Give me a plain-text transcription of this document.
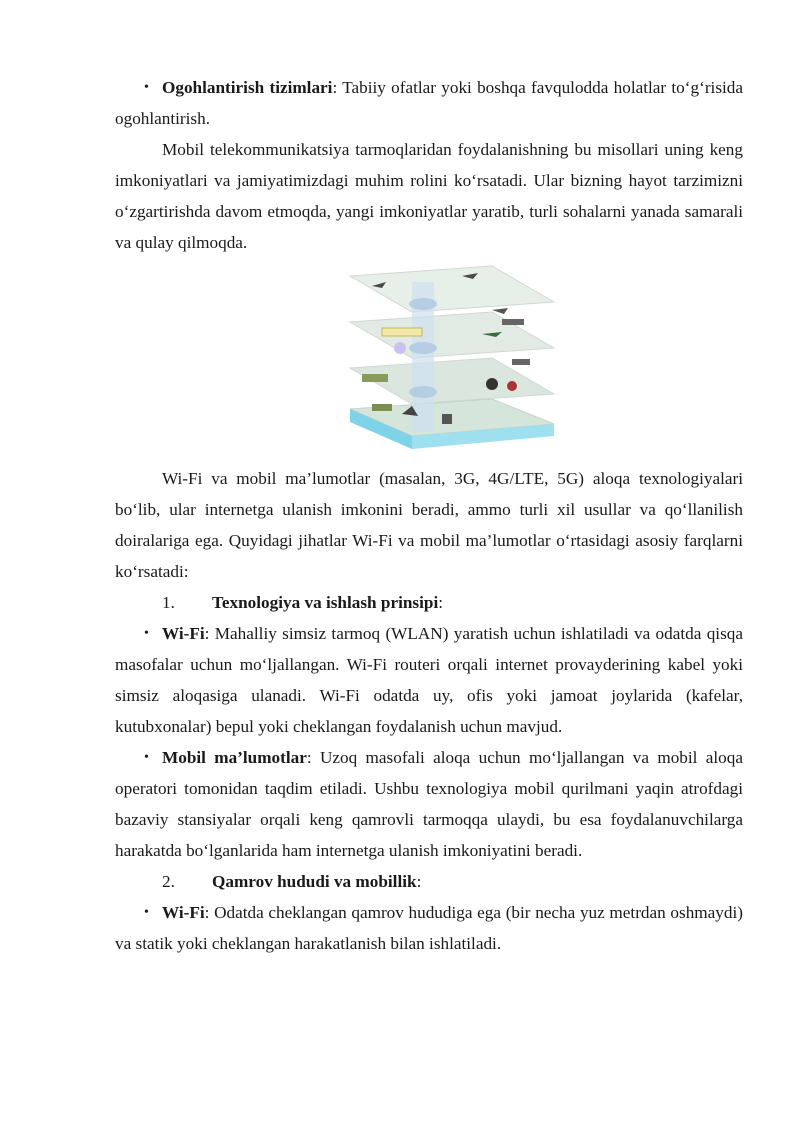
• Ogohlantirish tizimlari: Tabiiy ofatlar yoki boshqa favqulodda holatlar to‘g‘risida ogohlantirish.

Mobil telekommunikatsiya tarmoqlaridan foydalanishning bu misollari uning keng imkoniyatlari va jamiyatimizdagi muhim rolini ko‘rsatadi. Ular bizning hayot tarzimizni o‘zgartirishda davom etmoqda, yangi imkoniyatlar yaratib, turli sohalarni yanada samarali va qulay qilmoqda.

Wi-Fi va mobil ma’lumotlar (masalan, 3G, 4G/LTE, 5G) aloqa texnologiyalari bo‘lib, ular internetga ulanish imkonini beradi, ammo turli xil usullar va qo‘llanilish doiralariga ega. Quyidagi jihatlar Wi-Fi va mobil ma’lumotlar o‘rtasidagi asosiy farqlarni ko‘rsatadi:

1. Texnologiya va ishlash prinsipi:

• Wi-Fi: Mahalliy simsiz tarmoq (WLAN) yaratish uchun ishlatiladi va odatda qisqa masofalar uchun mo‘ljallangan. Wi-Fi routeri orqali internet provayderining kabel yoki simsiz aloqasiga ulanadi. Wi-Fi odatda uy, ofis yoki jamoat joylarida (kafelar, kutubxonalar) bepul yoki cheklangan foydalanish uchun mavjud.

• Mobil ma’lumotlar: Uzoq masofali aloqa uchun mo‘ljallangan va mobil aloqa operatori tomonidan taqdim etiladi. Ushbu texnologiya mobil qurilmani yaqin atrofdagi bazaviy stansiyalar orqali keng qamrovli tarmoqqa ulaydi, bu esa foydalanuvchilarga harakatda bo‘lganlarida ham internetga ulanish imkoniyatini beradi.

2. Qamrov hududi va mobillik:

• Wi-Fi: Odatda cheklangan qamrov hududiga ega (bir necha yuz metrdan oshmaydi) va statik yoki cheklangan harakatlanish bilan ishlatiladi.
